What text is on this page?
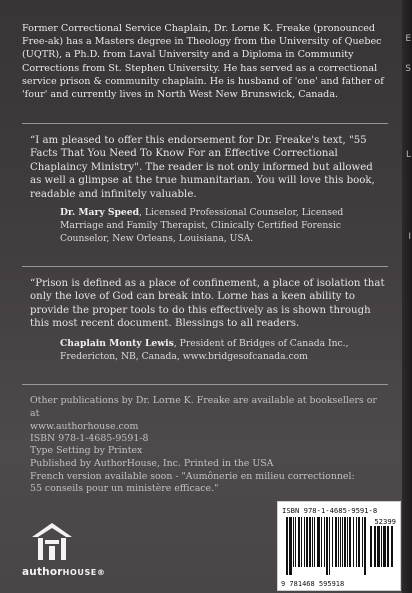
E
S
L
I
Former Correctional Service Chaplain, Dr. Lorne K. Freake (pronounced Free-ak) has a Masters degree in Theology from the University of Quebec (UQTR), a Ph.D. from Laval University and a Diploma in Community Corrections from St. Stephen University. He has served as a correctional service prison & community chaplain. He is husband of 'one' and father of 'four' and currently lives in North West New Brunswick, Canada.
“I am pleased to offer this endorsement for Dr. Freake's text, "55 Facts That You Need To Know For an Effective Correctional Chaplaincy Ministry". The reader is not only informed but allowed as well a glimpse at the true humanitarian. You will love this book, readable and infinitely valuable.
Dr. Mary Speed, Licensed Professional Counselor, Licensed Marriage and Family Therapist, Clinically Certified Forensic Counselor, New Orleans, Louisiana, USA.
“Prison is defined as a place of confinement, a place of isolation that only the love of God can break into. Lorne has a keen ability to provide the proper tools to do this effectively as is shown through this most recent document. Blessings to all readers.
Chaplain Monty Lewis, President of Bridges of Canada Inc., Fredericton, NB, Canada, www.bridgesofcanada.com
Other publications by Dr. Lorne K. Freake are available at booksellers or at
www.authorhouse.com
ISBN 978-1-4685-9591-8
Type Setting by Printex
Published by AuthorHouse, Inc. Printed in the USA
French version available soon - "Aumônerie en milieu correctionnel:
55 conseils pour un ministère efficace."
authorHOUSE®
ISBN 978-1-4685-9591-8
52399
9 781468 595918
